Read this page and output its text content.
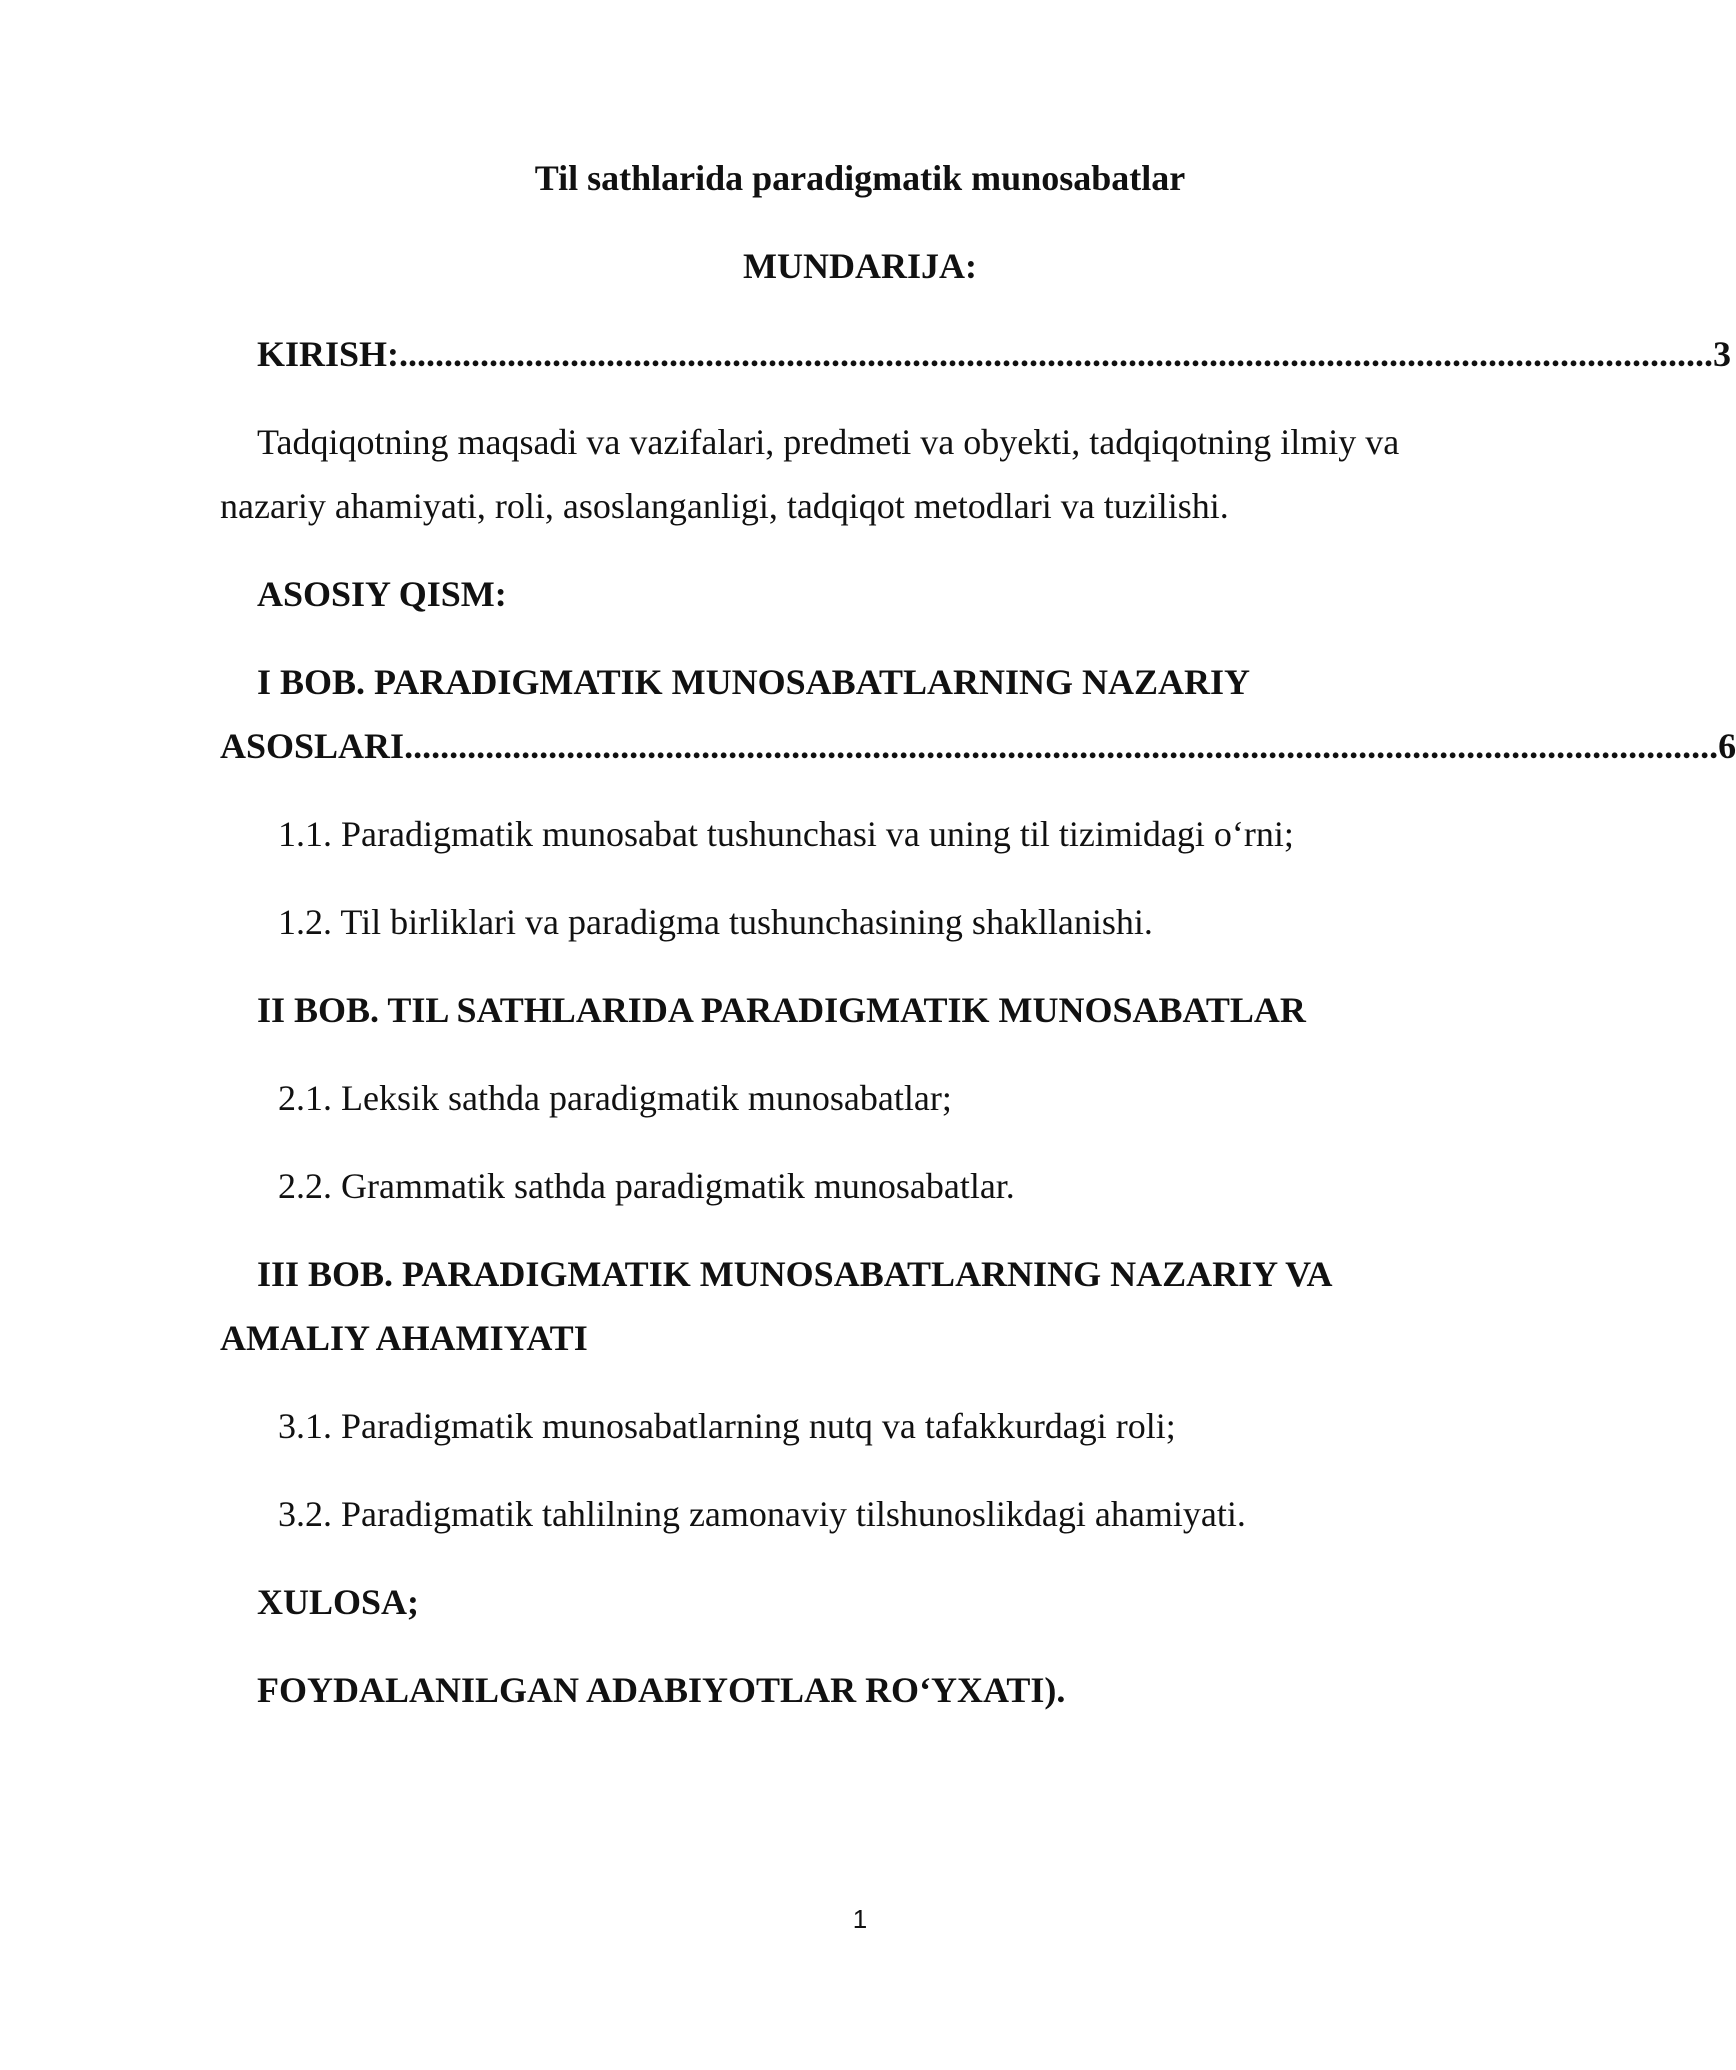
Til sathlarida paradigmatik munosabatlar
MUNDARIJA:
KIRISH: .................................................................................................................................................. 3
Tadqiqotning maqsadi va vazifalari, predmeti va obyekti, tadqiqotning ilmiy va
nazariy ahamiyati, roli, asoslanganligi, tadqiqot metodlari va tuzilishi.
ASOSIY QISM:
I BOB. PARADIGMATIK MUNOSABATLARNING NAZARIY
ASOSLARI .................................................................................................................................................. 6
1.1. Paradigmatik munosabat tushunchasi va uning til tizimidagi o‘rni;
1.2. Til birliklari va paradigma tushunchasining shakllanishi.
II BOB. TIL SATHLARIDA PARADIGMATIK MUNOSABATLAR
2.1. Leksik sathda paradigmatik munosabatlar;
2.2. Grammatik sathda paradigmatik munosabatlar.
III BOB. PARADIGMATIK MUNOSABATLARNING NAZARIY VA
AMALIY AHAMIYATI
3.1. Paradigmatik munosabatlarning nutq va tafakkurdagi roli;
3.2. Paradigmatik tahlilning zamonaviy tilshunoslikdagi ahamiyati.
XULOSA;
FOYDALANILGAN ADABIYOTLAR RO‘YXATI).
1
